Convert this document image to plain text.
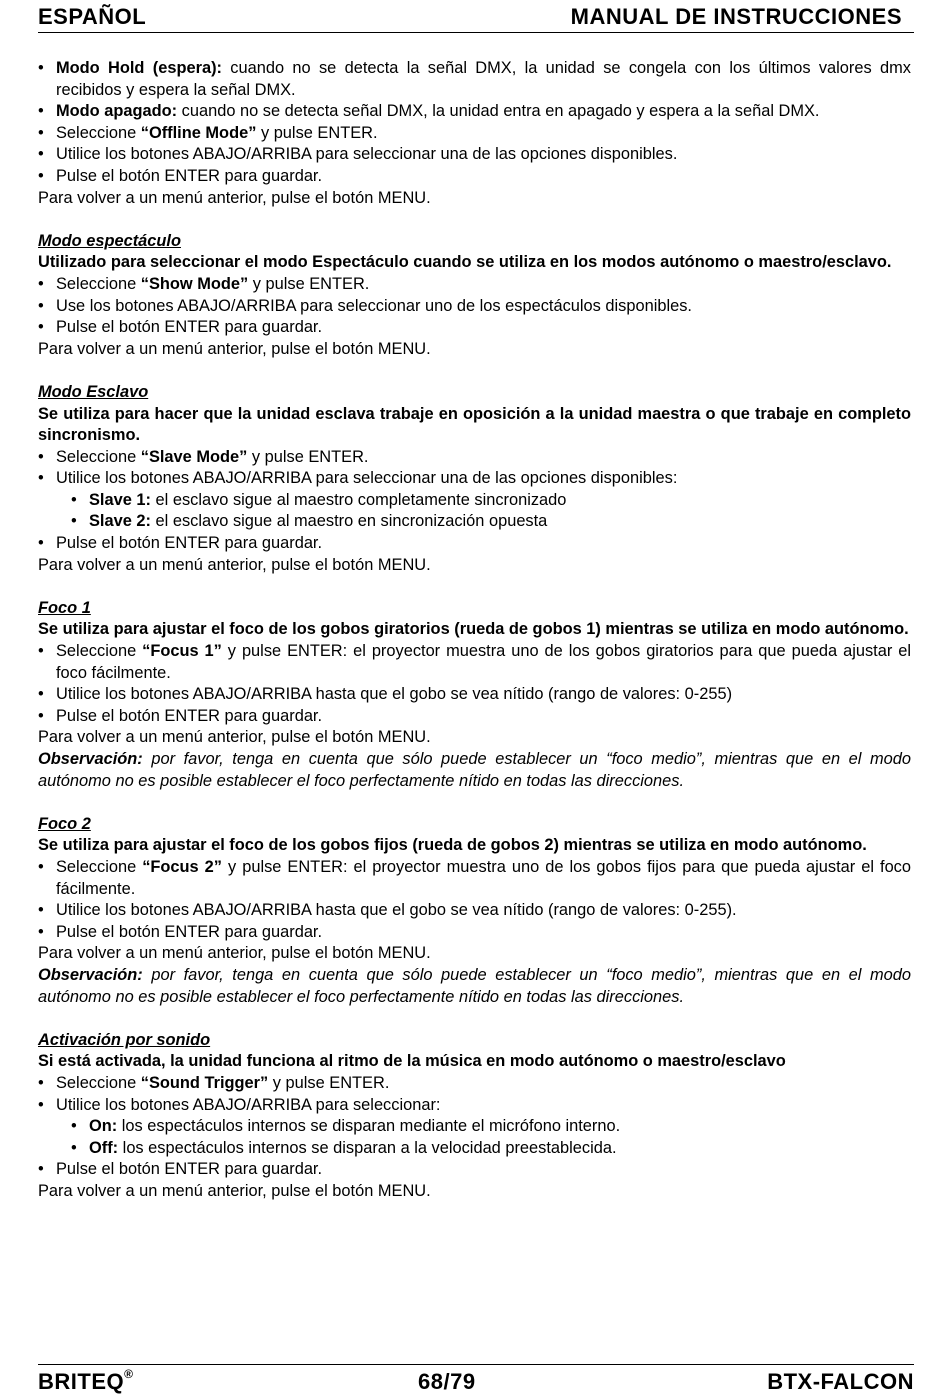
ESPAÑOL	MANUAL DE INSTRUCCIONES
• Modo Hold (espera): cuando no se detecta la señal DMX, la unidad se congela con los últimos valores dmx recibidos y espera la señal DMX.
• Modo apagado: cuando no se detecta señal DMX, la unidad entra en apagado y espera a la señal DMX.
• Seleccione “Offline Mode” y pulse ENTER.
• Utilice los botones ABAJO/ARRIBA para seleccionar una de las opciones disponibles.
• Pulse el botón ENTER para guardar.

Para volver a un menú anterior, pulse el botón MENU.

Modo espectáculo

Utilizado para seleccionar el modo Espectáculo cuando se utiliza en los modos autónomo o maestro/esclavo.

• Seleccione “Show Mode” y pulse ENTER.
• Use los botones ABAJO/ARRIBA para seleccionar uno de los espectáculos disponibles.
• Pulse el botón ENTER para guardar.

Para volver a un menú anterior, pulse el botón MENU.

Modo Esclavo

Se utiliza para hacer que la unidad esclava trabaje en oposición a la unidad maestra o que trabaje en completo sincronismo.

• Seleccione “Slave Mode” y pulse ENTER.
• Utilice los botones ABAJO/ARRIBA para seleccionar una de las opciones disponibles:
• Slave 1: el esclavo sigue al maestro completamente sincronizado
• Slave 2: el esclavo sigue al maestro en sincronización opuesta
• Pulse el botón ENTER para guardar.

Para volver a un menú anterior, pulse el botón MENU.

Foco 1

Se utiliza para ajustar el foco de los gobos giratorios (rueda de gobos 1) mientras se utiliza en modo autónomo.

• Seleccione “Focus 1” y pulse ENTER: el proyector muestra uno de los gobos giratorios para que pueda ajustar el foco fácilmente.
• Utilice los botones ABAJO/ARRIBA hasta que el gobo se vea nítido (rango de valores: 0-255)
• Pulse el botón ENTER para guardar.

Para volver a un menú anterior, pulse el botón MENU.

Observación: por favor, tenga en cuenta que sólo puede establecer un “foco medio”, mientras que en el modo autónomo no es posible establecer el foco perfectamente nítido en todas las direcciones.

Foco 2

Se utiliza para ajustar el foco de los gobos fijos (rueda de gobos 2) mientras se utiliza en modo autónomo.

• Seleccione “Focus 2” y pulse ENTER: el proyector muestra uno de los gobos fijos para que pueda ajustar el foco fácilmente.
• Utilice los botones ABAJO/ARRIBA hasta que el gobo se vea nítido (rango de valores: 0-255).
• Pulse el botón ENTER para guardar.

Para volver a un menú anterior, pulse el botón MENU.

Observación: por favor, tenga en cuenta que sólo puede establecer un “foco medio”, mientras que en el modo autónomo no es posible establecer el foco perfectamente nítido en todas las direcciones.

Activación por sonido

Si está activada, la unidad funciona al ritmo de la música en modo autónomo o maestro/esclavo

• Seleccione “Sound Trigger” y pulse ENTER.
• Utilice los botones ABAJO/ARRIBA para seleccionar:
• On: los espectáculos internos se disparan mediante el micrófono interno.
• Off: los espectáculos internos se disparan a la velocidad preestablecida.
• Pulse el botón ENTER para guardar.

Para volver a un menú anterior, pulse el botón MENU.

BRITEQ®	68/79	BTX-FALCON
